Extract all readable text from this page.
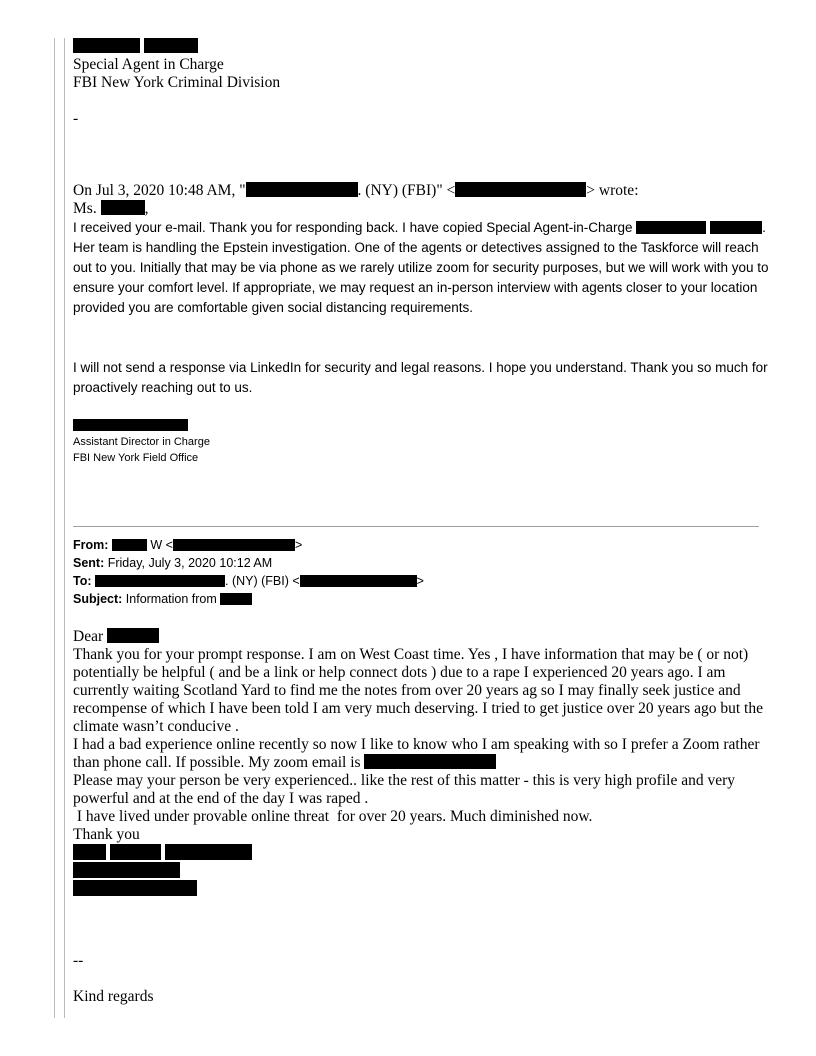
Special Agent in Charge
FBI New York Criminal Division
-
On Jul 3, 2020 10:48 AM, "	. (NY) (FBI)" <	> wrote:
Ms.	,
I received your e-mail. Thank you for responding back. I have copied Special Agent-in-Charge	. Her team is handling the Epstein investigation. One of the agents or detectives assigned to the Taskforce will reach out to you. Initially that may be via phone as we rarely utilize zoom for security purposes, but we will work with you to ensure your comfort level. If appropriate, we may request an in-person interview with agents closer to your location provided you are comfortable given social distancing requirements.
I will not send a response via LinkedIn for security and legal reasons. I hope you understand. Thank you so much for proactively reaching out to us.
Assistant Director in Charge
FBI New York Field Office
From:	W <	>
Sent: Friday, July 3, 2020 10:12 AM
To:	. (NY) (FBI) <	>
Subject: Information from
Dear
Thank you for your prompt response. I am on West Coast time. Yes , I have information that may be ( or not) potentially be helpful ( and be a link or help connect dots ) due to a rape I experienced 20 years ago. I am currently waiting Scotland Yard to find me the notes from over 20 years ag so I may finally seek justice and recompense of which I have been told I am very much deserving. I tried to get justice over 20 years ago but the climate wasn’t conducive .
I had a bad experience online recently so now I like to know who I am speaking with so I prefer a Zoom rather than phone call. If possible. My zoom email is
Please may your person be very experienced.. like the rest of this matter - this is very high profile and very powerful and at the end of the day I was raped .
I have lived under provable online threat  for over 20 years. Much diminished now.
Thank you

--
Kind regards
